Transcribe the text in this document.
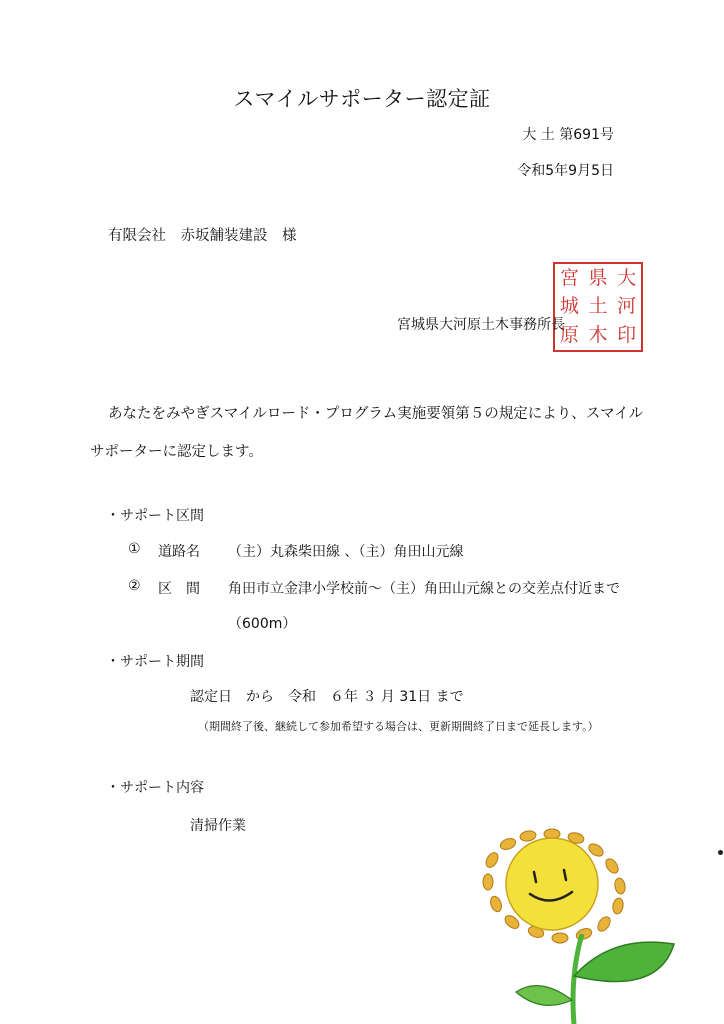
スマイルサポーター認定証
大 土 第691号
令和5年9月5日
有限会社　赤坂舗装建設　様
宮 県 大
城 土 河
原 木 印
宮城県大河原土木事務所長
あなたをみやぎスマイルロード・プログラム実施要領第５の規定により、スマイル
サポーターに認定します。
・サポート区間
① 道路名 （主）丸森柴田線 、（主）角田山元線
② 区　間 角田市立金津小学校前～（主）角田山元線との交差点付近まで
（600m）
・サポート期間
認定日　から　令和　６年 ３ 月 31日 まで
（期間終了後、継続して参加希望する場合は、更新期間終了日まで延長します。）
・サポート内容
清掃作業
